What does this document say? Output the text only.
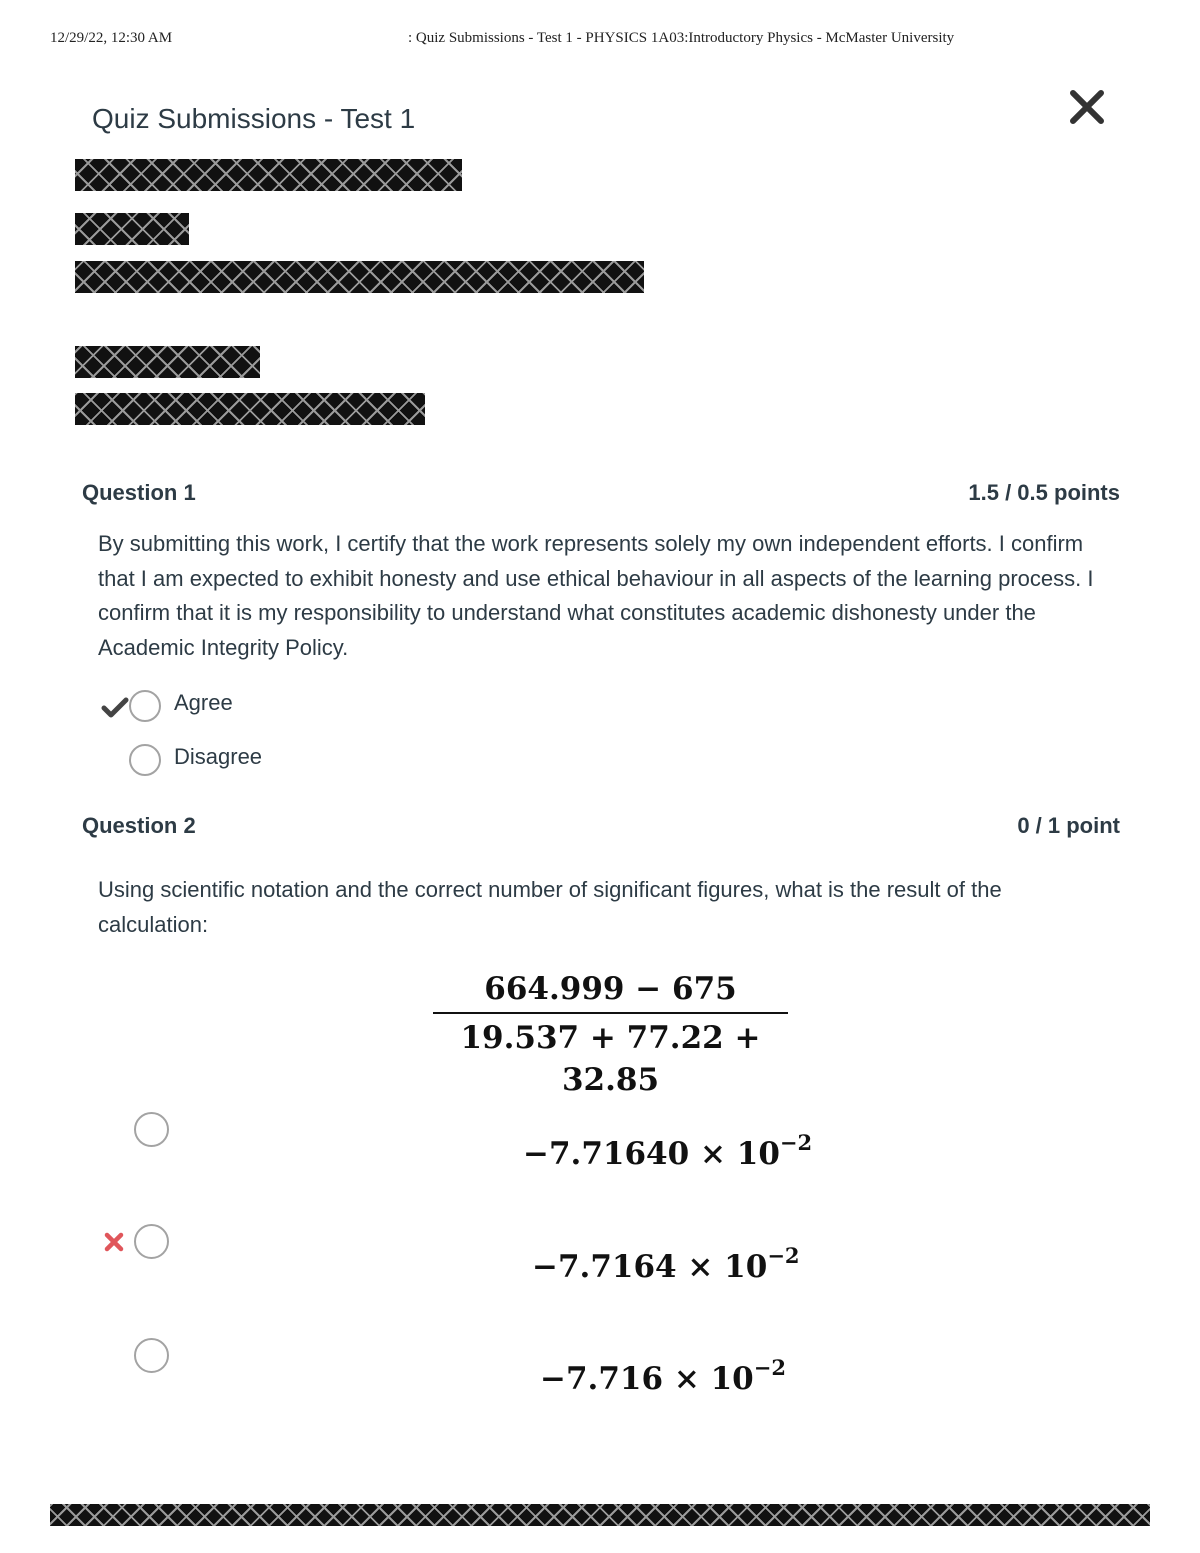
12/29/22, 12:30 AM	: Quiz Submissions - Test 1 - PHYSICS 1A03:Introductory Physics - McMaster University
Quiz Submissions - Test 1
Question 1	1.5 / 0.5 points
By submitting this work, I certify that the work represents solely my own independent efforts. I confirm that I am expected to exhibit honesty and use ethical behaviour in all aspects of the learning process. I confirm that it is my responsibility to understand what constitutes academic dishonesty under the Academic Integrity Policy.
Agree
Disagree
Question 2	0 / 1 point
Using scientific notation and the correct number of significant figures, what is the result of the calculation:
664.999 − 675
19.537 + 77.22 + 32.85
$-7.71640 \times 10^{-2}$
$-7.7164 \times 10^{-2}$
$-7.716 \times 10^{-2}$
